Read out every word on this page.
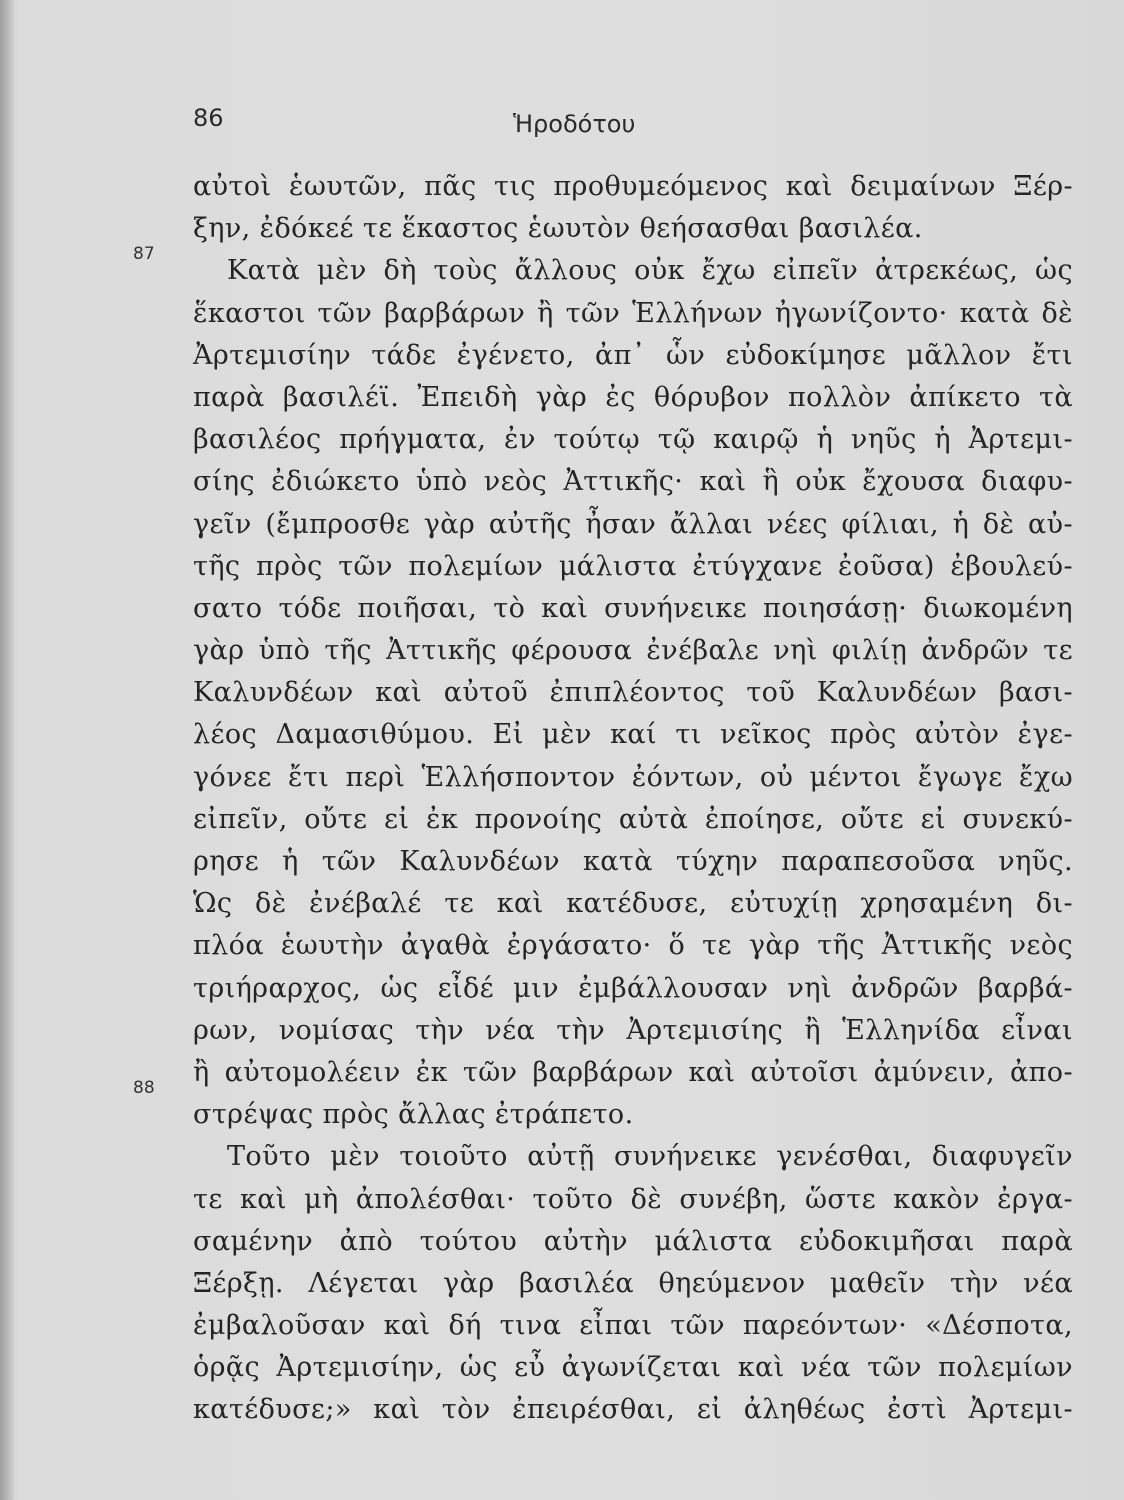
86	Ἡροδότου
87
88
αὐτοὶ ἑωυτῶν, πᾶς τις προθυμεόμενος καὶ δειμαίνων Ξέρ-
ξην, ἐδόκεέ τε ἕκαστος ἑωυτὸν θεήσασθαι βασιλέα.
Κατὰ μὲν δὴ τοὺς ἄλλους οὐκ ἔχω εἰπεῖν ἀτρεκέως, ὡς
ἕκαστοι τῶν βαρβάρων ἢ τῶν Ἑλλήνων ἠγωνίζοντο· κατὰ δὲ
Ἀρτεμισίην τάδε ἐγένετο, ἀπ᾽ ὧν εὐδοκίμησε μᾶλλον ἔτι
παρὰ βασιλέϊ. Ἐπειδὴ γὰρ ἐς θόρυβον πολλὸν ἀπίκετο τὰ
βασιλέος πρήγματα, ἐν τούτῳ τῷ καιρῷ ἡ νηῦς ἡ Ἀρτεμι-
σίης ἐδιώκετο ὑπὸ νεὸς Ἀττικῆς· καὶ ἣ οὐκ ἔχουσα διαφυ-
γεῖν (ἔμπροσθε γὰρ αὐτῆς ἦσαν ἄλλαι νέες φίλιαι, ἡ δὲ αὐ-
τῆς πρὸς τῶν πολεμίων μάλιστα ἐτύγχανε ἐοῦσα) ἐβουλεύ-
σατο τόδε ποιῆσαι, τὸ καὶ συνήνεικε ποιησάσῃ· διωκομένη
γὰρ ὑπὸ τῆς Ἀττικῆς φέρουσα ἐνέβαλε νηὶ φιλίῃ ἀνδρῶν τε
Καλυνδέων καὶ αὐτοῦ ἐπιπλέοντος τοῦ Καλυνδέων βασι-
λέος Δαμασιθύμου. Εἰ μὲν καί τι νεῖκος πρὸς αὐτὸν ἐγε-
γόνεε ἔτι περὶ Ἑλλήσποντον ἐόντων, οὐ μέντοι ἔγωγε ἔχω
εἰπεῖν, οὔτε εἰ ἐκ προνοίης αὐτὰ ἐποίησε, οὔτε εἰ συνεκύ-
ρησε ἡ τῶν Καλυνδέων κατὰ τύχην παραπεσοῦσα νηῦς.
Ὡς δὲ ἐνέβαλέ τε καὶ κατέδυσε, εὐτυχίῃ χρησαμένη δι-
πλόα ἑωυτὴν ἀγαθὰ ἐργάσατο· ὅ τε γὰρ τῆς Ἀττικῆς νεὸς
τριήραρχος, ὡς εἶδέ μιν ἐμβάλλουσαν νηὶ ἀνδρῶν βαρβά-
ρων, νομίσας τὴν νέα τὴν Ἀρτεμισίης ἢ Ἑλληνίδα εἶναι
ἢ αὐτομολέειν ἐκ τῶν βαρβάρων καὶ αὐτοῖσι ἀμύνειν, ἀπο-
στρέψας πρὸς ἄλλας ἐτράπετο.
Τοῦτο μὲν τοιοῦτο αὐτῇ συνήνεικε γενέσθαι, διαφυγεῖν
τε καὶ μὴ ἀπολέσθαι· τοῦτο δὲ συνέβη, ὥστε κακὸν ἐργα-
σαμένην ἀπὸ τούτου αὐτὴν μάλιστα εὐδοκιμῆσαι παρὰ
Ξέρξῃ. Λέγεται γὰρ βασιλέα θηεύμενον μαθεῖν τὴν νέα
ἐμβαλοῦσαν καὶ δή τινα εἶπαι τῶν παρεόντων· «Δέσποτα,
ὁρᾷς Ἀρτεμισίην, ὡς εὖ ἀγωνίζεται καὶ νέα τῶν πολεμίων
κατέδυσε;» καὶ τὸν ἐπειρέσθαι, εἰ ἀληθέως ἐστὶ Ἀρτεμι-
